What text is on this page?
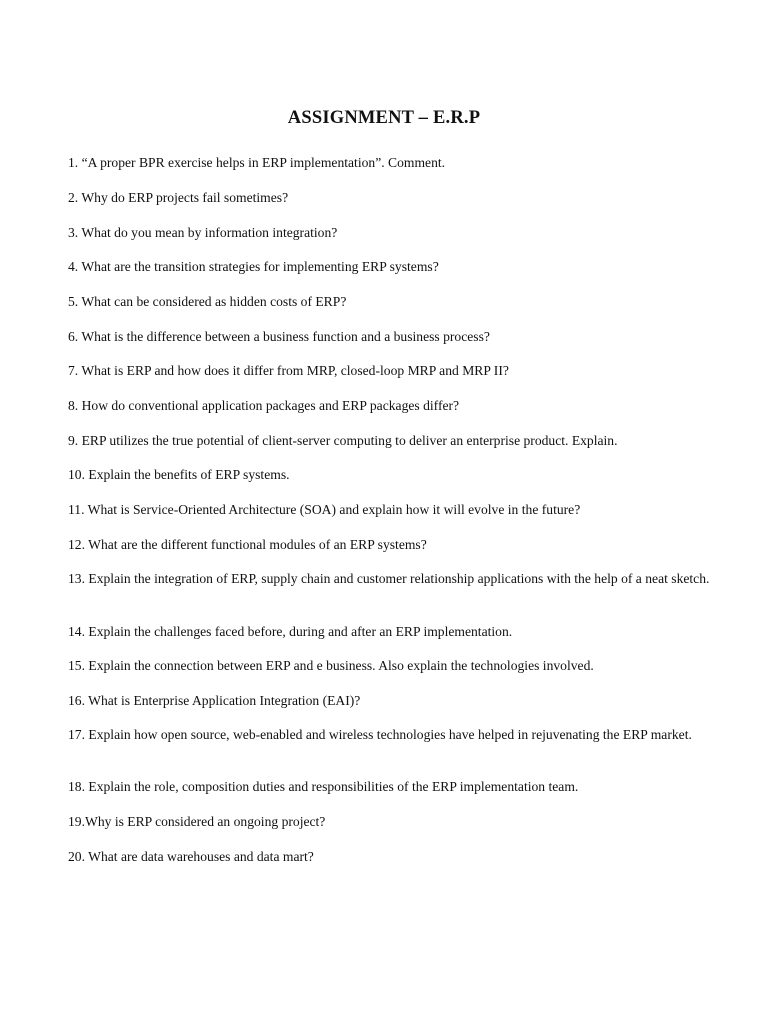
ASSIGNMENT – E.R.P

1. “A proper BPR exercise helps in ERP implementation”. Comment.

2. Why do ERP projects fail sometimes?

3. What do you mean by information integration?

4. What are the transition strategies for implementing ERP systems?

5. What can be considered as hidden costs of ERP?

6. What is the difference between a business function and a business process?

7. What is ERP and how does it differ from MRP, closed-loop MRP and MRP II?

8. How do conventional application packages and ERP packages differ?

9. ERP utilizes the true potential of client-server computing to deliver an enterprise product. Explain.

10. Explain the benefits of ERP systems.

11. What is Service-Oriented Architecture (SOA) and explain how it will evolve in the future?

12. What are the different functional modules of an ERP systems?

13. Explain the integration of ERP, supply chain and customer relationship applications with the help of a neat sketch.

14. Explain the challenges faced before, during and after an ERP implementation.

15. Explain the connection between ERP and e business. Also explain the technologies involved.

16. What is Enterprise Application Integration (EAI)?

17. Explain how open source, web-enabled and wireless technologies have helped in rejuvenating the ERP market.

18. Explain the role, composition duties and responsibilities of the ERP implementation team.

19.Why is ERP considered an ongoing project?

20. What are data warehouses and data mart?
